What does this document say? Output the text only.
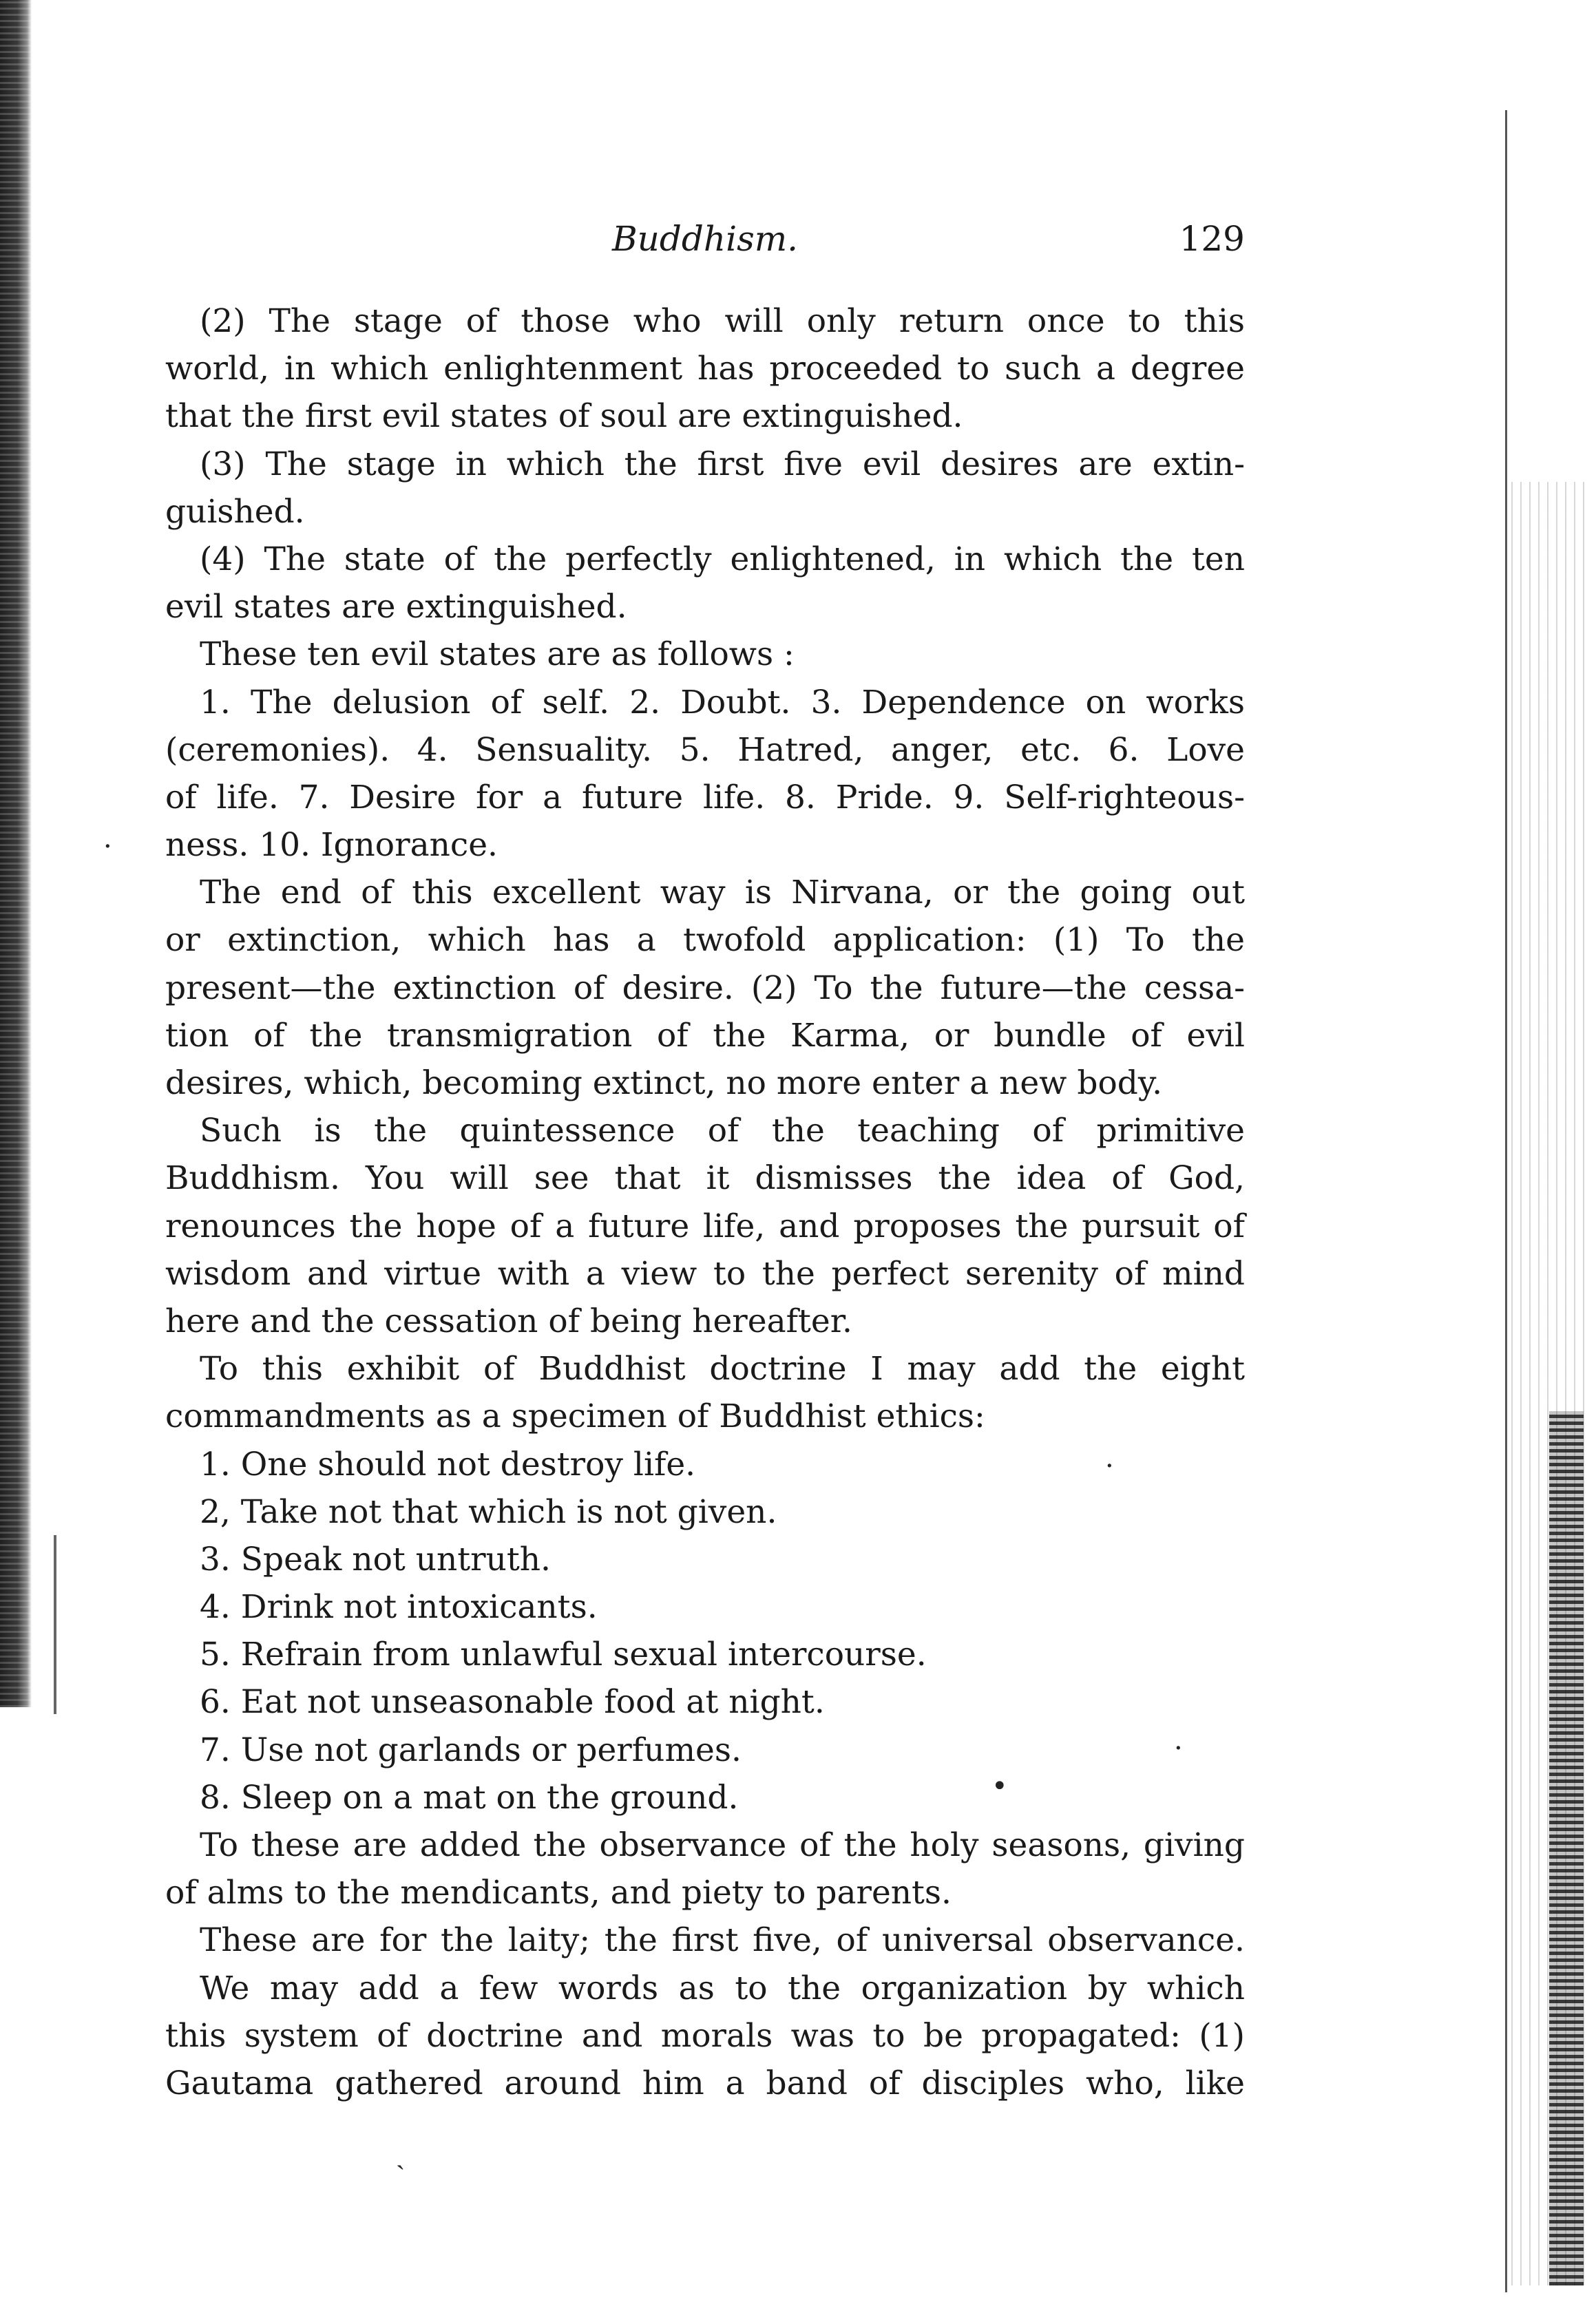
·
·
·
•
ˏ
Buddhism.	129
(2) The stage of those who will only return once to this
world, in which enlightenment has proceeded to such a degree
that the first evil states of soul are extinguished.
(3) The stage in which the first five evil desires are extin-
guished.
(4) The state of the perfectly enlightened, in which the ten
evil states are extinguished.
These ten evil states are as follows :
1. The delusion of self. 2. Doubt. 3. Dependence on works
(ceremonies). 4. Sensuality. 5. Hatred, anger, etc. 6. Love
of life. 7. Desire for a future life. 8. Pride. 9. Self-righteous-
ness. 10. Ignorance.
The end of this excellent way is Nirvana, or the going out
or extinction, which has a twofold application: (1) To the
present—the extinction of desire. (2) To the future—the cessa-
tion of the transmigration of the Karma, or bundle of evil
desires, which, becoming extinct, no more enter a new body.
Such is the quintessence of the teaching of primitive
Buddhism. You will see that it dismisses the idea of God,
renounces the hope of a future life, and proposes the pursuit of
wisdom and virtue with a view to the perfect serenity of mind
here and the cessation of being hereafter.
To this exhibit of Buddhist doctrine I may add the eight
commandments as a specimen of Buddhist ethics:
1. One should not destroy life.
2, Take not that which is not given.
3. Speak not untruth.
4. Drink not intoxicants.
5. Refrain from unlawful sexual intercourse.
6. Eat not unseasonable food at night.
7. Use not garlands or perfumes.
8. Sleep on a mat on the ground.
To these are added the observance of the holy seasons, giving
of alms to the mendicants, and piety to parents.
These are for the laity; the first five, of universal observance.
We may add a few words as to the organization by which
this system of doctrine and morals was to be propagated: (1)
Gautama gathered around him a band of disciples who, like
